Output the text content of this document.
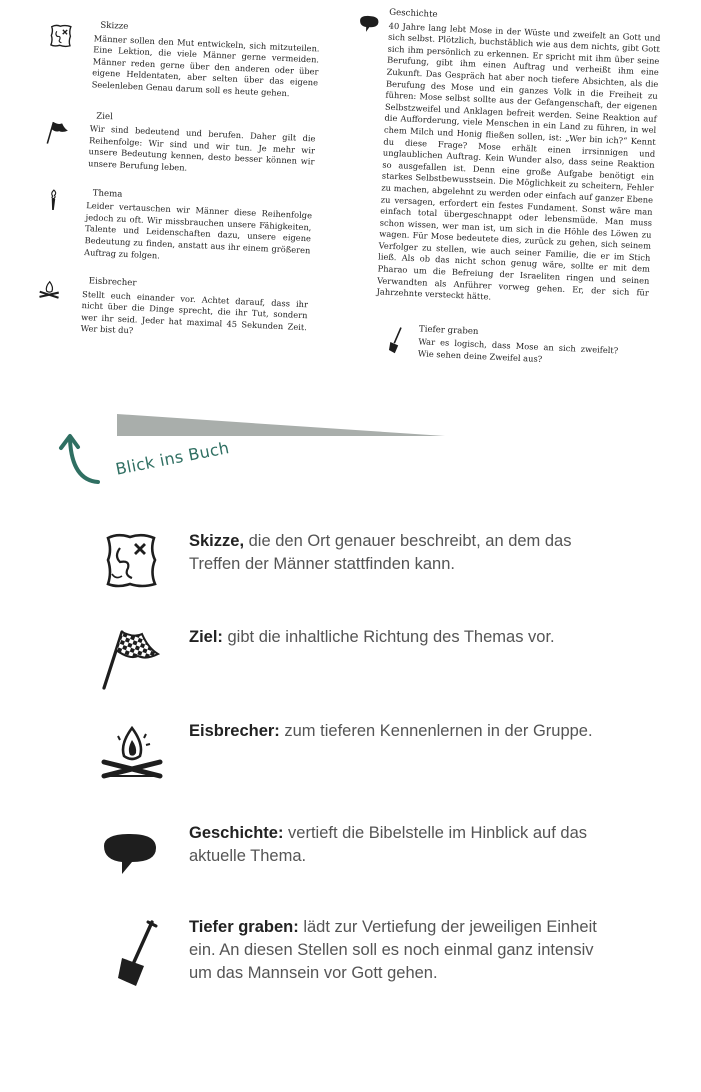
Skizze
Männer sollen den Mut entwickeln, sich mitzuteilen. Eine Lektion, die viele Männer gerne vermeiden. Männer reden gerne über den anderen oder über eigene Heldentaten, aber selten über das eigene Seelenleben Genau darum soll es heute gehen.
Ziel
Wir sind bedeutend und berufen. Daher gilt die Reihenfolge: Wir sind und wir tun. Je mehr wir unsere Bedeutung kennen, desto besser können wir unsere Berufung leben.
Thema
Leider vertauschen wir Männer diese Reihenfolge jedoch zu oft. Wir missbrauchen unsere Fähigkeiten, Talente und Leidenschaften dazu, unsere eigene Bedeutung zu finden, anstatt aus ihr einem größeren Auftrag zu folgen.
Eisbrecher
Stellt euch einander vor. Achtet darauf, dass ihr nicht über die Dinge sprecht, die ihr Tut, sondern wer ihr seid. Jeder hat maximal 45 Sekunden Zeit. Wer bist du?
Geschichte
40 Jahre lang lebt Mose in der Wüste und zweifelt an Gott und sich selbst. Plötzlich, buchstäblich wie aus dem nichts, gibt Gott sich ihm persönlich zu erkennen. Er spricht mit ihm über seine Berufung, gibt ihm einen Auftrag und verheißt ihm eine Zukunft. Das Gespräch hat aber noch tiefere Absichten, als die Berufung des Mose und ein ganzes Volk in die Freiheit zu führen: Mose selbst sollte aus der Gefangenschaft, der eigenen Selbstzweifel und Anklagen befreit werden. Seine Reaktion auf die Aufforderung, viele Menschen in ein Land zu führen, in wel chem Milch und Honig fließen sollen, ist: „Wer bin ich?“ Kennt du diese Frage? Mose erhält einen irrsinnigen und unglaublichen Auftrag. Kein Wunder also, dass seine Reaktion so ausgefallen ist. Denn eine große Aufgabe benötigt ein starkes Selbstbewusstsein. Die Möglichkeit zu scheitern, Fehler zu machen, abgelehnt zu werden oder einfach auf ganzer Ebene zu versagen, erfordert ein festes Fundament. Sonst wäre man einfach total übergeschnappt oder lebensmüde. Man muss schon wissen, wer man ist, um sich in die Höhle des Löwen zu wagen. Für Mose bedeutete dies, zurück zu gehen, sich seinem Verfolger zu stellen, wie auch seiner Familie, die er im Stich ließ. Als ob das nicht schon genug wäre, sollte er mit dem Pharao um die Befreiung der Israeliten ringen und seinen Verwandten als Anführer vorweg gehen. Er, der sich für Jahrzehnte versteckt hätte.
Tiefer graben
War es logisch, dass Mose an sich zweifelt? Wie sehen deine Zweifel aus?
Blick ins Buch
Skizze, die den Ort genauer beschreibt, an dem das Treffen der Männer stattfinden kann.
Ziel: gibt die inhaltliche Richtung des Themas vor.
Eisbrecher: zum tieferen Kennenlernen in der Gruppe.
Geschichte: vertieft die Bibelstelle im Hinblick auf das aktuelle Thema.
Tiefer graben: lädt zur Vertiefung der jeweiligen Einheit ein. An diesen Stellen soll es noch einmal ganz intensiv um das Mannsein vor Gott gehen.
